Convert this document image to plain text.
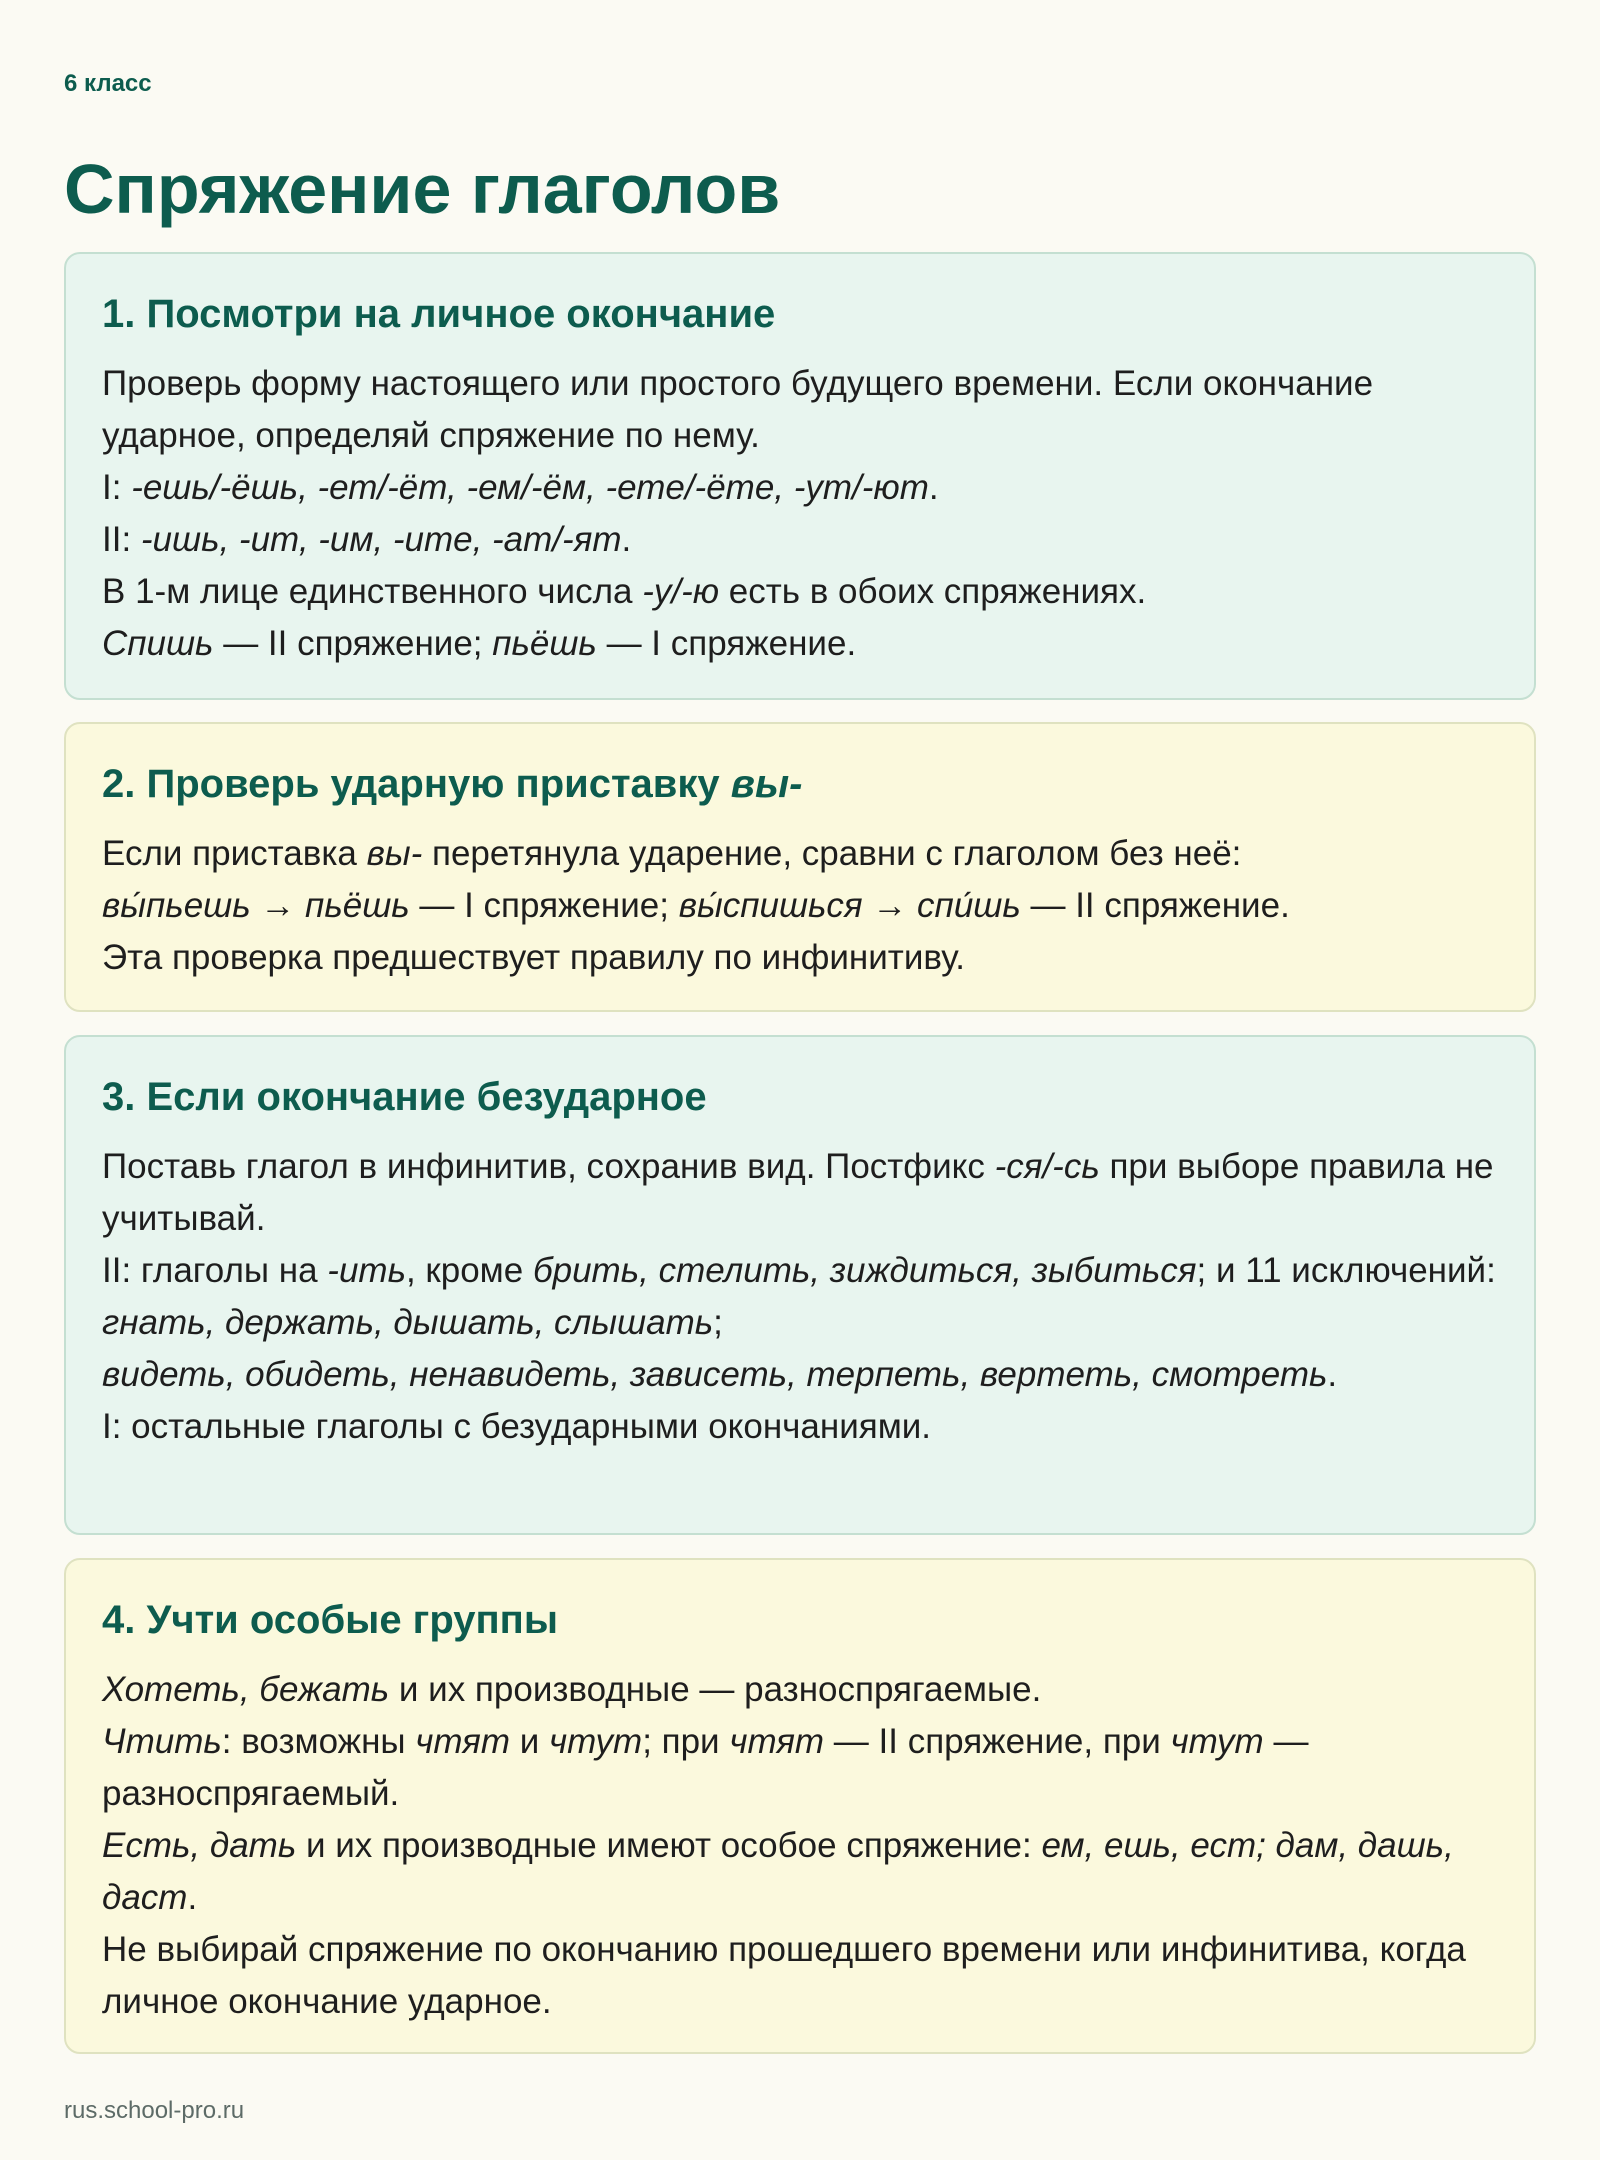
6 класс
Спряжение глаголов
1. Посмотри на личное окончание

Проверь форму настоящего или простого будущего времени. Если окончание ударное, определяй спряжение по нему.

I: -ешь/-ёшь, -ет/-ёт, -ем/-ём, -ете/-ёте, -ут/-ют.

II: -ишь, -ит, -им, -ите, -ат/-ят.

В 1-м лице единственного числа -у/-ю есть в обоих спряжениях.

Спишь — II спряжение; пьёшь — I спряжение.

2. Проверь ударную приставку вы-

Если приставка вы- перетянула ударение, сравни с глаголом без неё:

вы́пьешь → пьёшь — I спряжение; вы́спишься → спи́шь — II спряжение.

Эта проверка предшествует правилу по инфинитиву.

3. Если окончание безударное

Поставь глагол в инфинитив, сохранив вид. Постфикс -ся/-сь при выборе правила не учитывай.

II: глаголы на -ить, кроме брить, стелить, зиждиться, зыбиться; и 11 исключений:

гнать, держать, дышать, слышать;

видеть, обидеть, ненавидеть, зависеть, терпеть, вертеть, смотреть.

I: остальные глаголы с безударными окончаниями.

4. Учти особые группы

Хотеть, бежать и их производные — разноспрягаемые.

Чтить: возможны чтят и чтут; при чтят — II спряжение, при чтут — разноспрягаемый.

Есть, дать и их производные имеют особое спряжение: ем, ешь, ест; дам, дашь, даст.

Не выбирай спряжение по окончанию прошедшего времени или инфинитива, когда личное окончание ударное.

rus.school-pro.ru
